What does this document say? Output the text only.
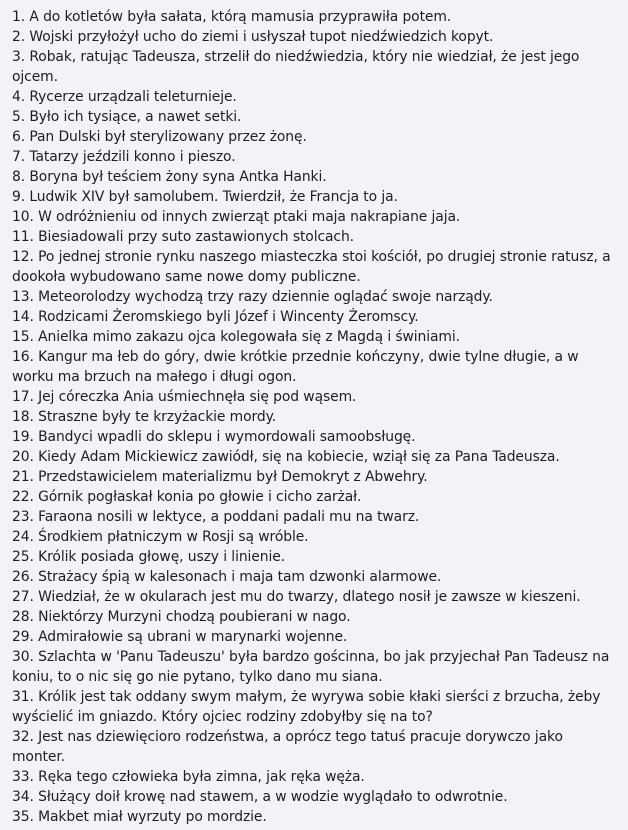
1. A do kotletów była sałata, którą mamusia przyprawiła potem.
2. Wojski przyłożył ucho do ziemi i usłyszał tupot niedźwiedzich kopyt.
3. Robak, ratując Tadeusza, strzelił do niedźwiedzia, który nie wiedział, że jest jego ojcem.
4. Rycerze urządzali teleturnieje.
5. Było ich tysiące, a nawet setki.
6. Pan Dulski był sterylizowany przez żonę.
7. Tatarzy jeździli konno i pieszo.
8. Boryna był teściem żony syna Antka Hanki.
9. Ludwik XIV był samolubem. Twierdził, że Francja to ja.
10. W odróżnieniu od innych zwierząt ptaki maja nakrapiane jaja.
11. Biesiadowali przy suto zastawionych stolcach.
12. Po jednej stronie rynku naszego miasteczka stoi kościół, po drugiej stronie ratusz, a dookoła wybudowano same nowe domy publiczne.
13. Meteorolodzy wychodzą trzy razy dziennie oglądać swoje narządy.
14. Rodzicami Żeromskiego byli Józef i Wincenty Żeromscy.
15. Anielka mimo zakazu ojca kolegowała się z Magdą i świniami.
16. Kangur ma łeb do góry, dwie krótkie przednie kończyny, dwie tylne długie, a w worku ma brzuch na małego i długi ogon.
17. Jej córeczka Ania uśmiechnęła się pod wąsem.
18. Straszne były te krzyżackie mordy.
19. Bandyci wpadli do sklepu i wymordowali samoobsługę.
20. Kiedy Adam Mickiewicz zawiódł, się na kobiecie, wziął się za Pana Tadeusza.
21. Przedstawicielem materializmu był Demokryt z Abwehry.
22. Górnik pogłaskał konia po głowie i cicho zarżał.
23. Faraona nosili w lektyce, a poddani padali mu na twarz.
24. Środkiem płatniczym w Rosji są wróble.
25. Królik posiada głowę, uszy i linienie.
26. Strażacy śpią w kalesonach i maja tam dzwonki alarmowe.
27. Wiedział, że w okularach jest mu do twarzy, dlatego nosił je zawsze w kieszeni.
28. Niektórzy Murzyni chodzą poubierani w nago.
29. Admirałowie są ubrani w marynarki wojenne.
30. Szlachta w 'Panu Tadeuszu' była bardzo gościnna, bo jak przyjechał Pan Tadeusz na koniu, to o nic się go nie pytano, tylko dano mu siana.
31. Królik jest tak oddany swym małym, że wyrywa sobie kłaki sierści z brzucha, żeby wyścielić im gniazdo. Który ojciec rodziny zdobyłby się na to?
32. Jest nas dziewięcioro rodzeństwa, a oprócz tego tatuś pracuje dorywczo jako monter.
33. Ręka tego człowieka była zimna, jak ręka węża.
34. Służący doił krowę nad stawem, a w wodzie wyglądało to odwrotnie.
35. Makbet miał wyrzuty po mordzie.
